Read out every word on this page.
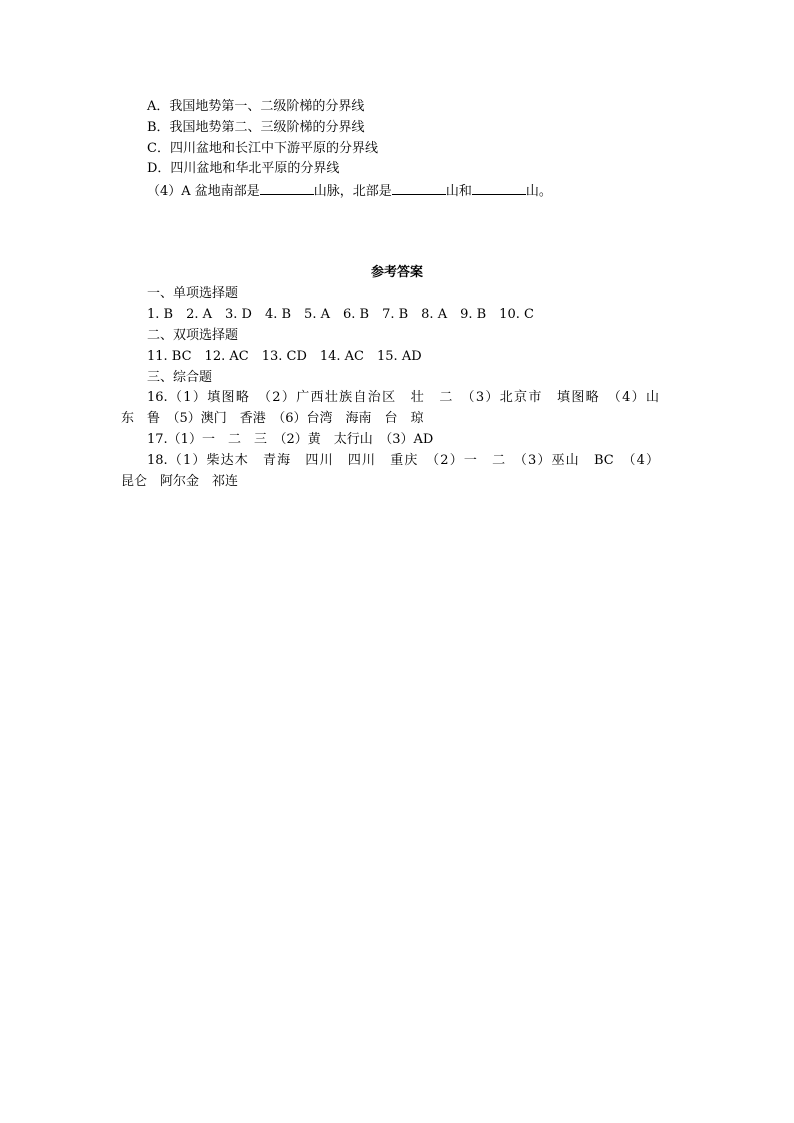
A．我国地势第一、二级阶梯的分界线
B．我国地势第二、三级阶梯的分界线
C．四川盆地和长江中下游平原的分界线
D．四川盆地和华北平原的分界线
（4）A 盆地南部是	山脉，北部是	山和	山。
参考答案
一、单项选择题
1. B　2. A　3. D　4. B　5. A　6. B　7. B　8. A　9. B　10. C
二、双项选择题
11. BC　12. AC　13. CD　14. AC　15. AD
三、综合题
16.（1）填图略　（2）广西壮族自治区　壮　二　（3）北京市　填图略　（4）山
东　鲁　（5）澳门　香港　（6）台湾　海南　台　琼
17.（1）一　二　三　（2）黄　太行山　（3）AD
18.（1）柴达木　青海　四川　四川　重庆　（2）一　二　（3）巫山　BC　（4）
昆仑　阿尔金　祁连
